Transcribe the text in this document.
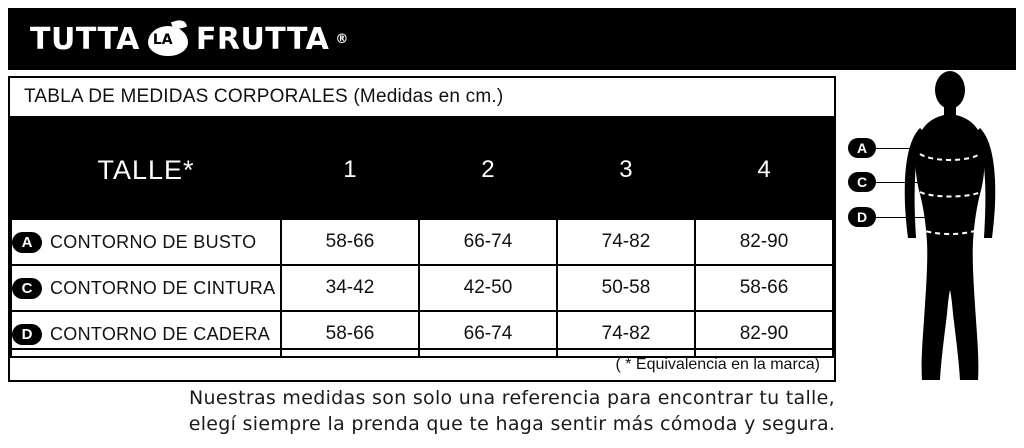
TUTTA LA FRUTTA ®
TABLA DE MEDIDAS CORPORALES (Medidas en cm.)
TALLE*	1	2	3	4

A CONTORNO DE BUSTO	58-66	66-74	74-82	82-90

C CONTORNO DE CINTURA	34-42	42-50	50-58	58-66

D CONTORNO DE CADERA	58-66	66-74	74-82	82-90
( * Equivalencia en la marca)
A
C
D
Nuestras medidas son solo una referencia para encontrar tu talle,
elegí siempre la prenda que te haga sentir más cómoda y segura.
